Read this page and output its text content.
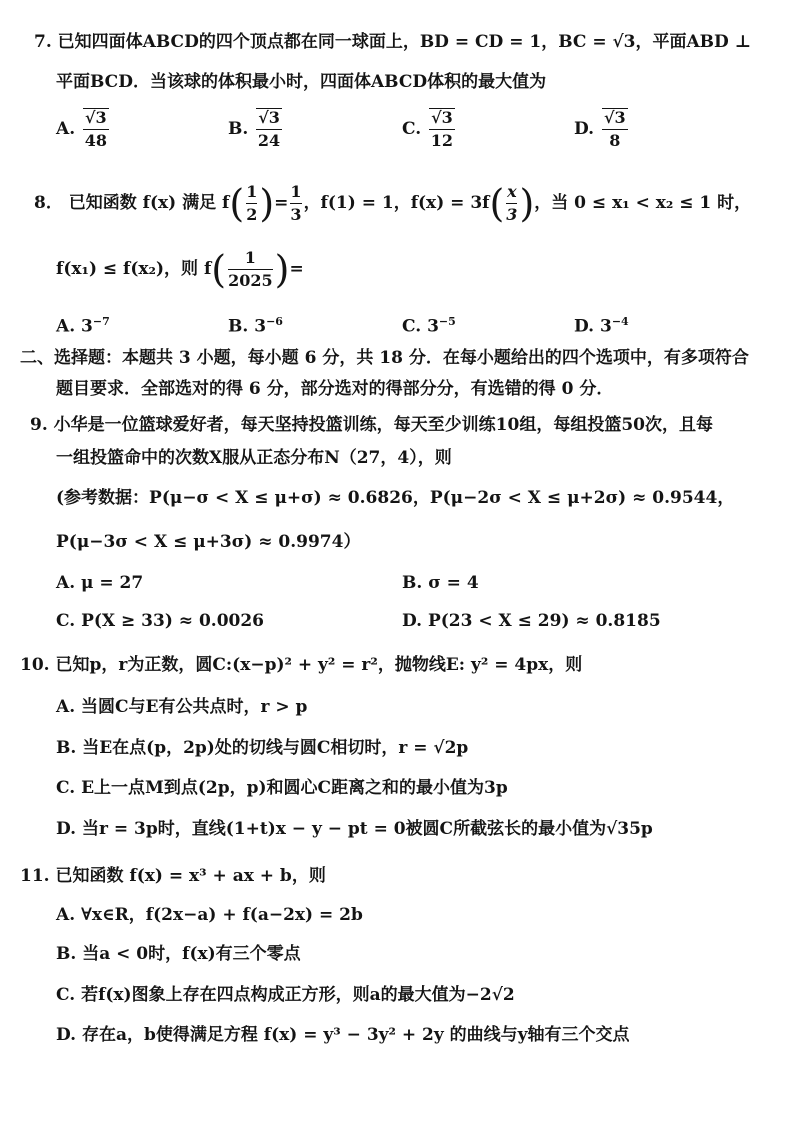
7. 已知四面体ABCD的四个顶点都在同一球面上，BD = CD = 1，BC = √3，平面ABD ⊥
平面BCD．当该球的体积最小时，四面体ABCD体积的最大值为
A. $\frac{√3}{48}$	B. $\frac{√3}{24}$	C. $\frac{√3}{12}$	D. $\frac{√3}{8}$
8． 已知函数 f(x) 满足 $f( \frac{1}{2}$ )= $\frac{1}{3}$ ，f(1) = 1，$f(x) = 3f( \frac{x}{3}$ )，当 0 ≤ x₁ < x₂ ≤ 1 时，
f(x₁) ≤ f(x₂)，则 $f( \frac{1}{2025}$ )=
A. $3^{-7}$	B. $3^{-6}$	C. $3^{-5}$	D. $3^{-4}$
二、选择题：本题共 3 小题，每小题 6 分，共 18 分．在每小题给出的四个选项中，有多项符合
题目要求．全部选对的得 6 分，部分选对的得部分分，有选错的得 0 分．
9. 小华是一位篮球爱好者，每天坚持投篮训练，每天至少训练10组，每组投篮50次，且每
一组投篮命中的次数X服从正态分布N（27，4），则
(参考数据：P(μ−σ < X ≤ μ+σ) ≈ 0.6826，P(μ−2σ < X ≤ μ+2σ) ≈ 0.9544，
P(μ−3σ < X ≤ μ+3σ) ≈ 0.9974）
A. μ = 27	B. σ = 4
C. P(X ≥ 33) ≈ 0.0026	D. P(23 < X ≤ 29) ≈ 0.8185
10. 已知p，r为正数，圆C:(x−p)² + y² = r²，抛物线E: y² = 4px，则
A. 当圆C与E有公共点时，r > p
B. 当E在点(p，2p)处的切线与圆C相切时，r = √2p
C. E上一点M到点(2p，p)和圆心C距离之和的最小值为3p
D. 当r = 3p时，直线(1+t)x − y − pt = 0被圆C所截弦长的最小值为√35p
11. 已知函数 f(x) = x³ + ax + b，则
A. ∀x∈R，f(2x−a) + f(a−2x) = 2b
B. 当a < 0时，f(x)有三个零点
C. 若f(x)图象上存在四点构成正方形，则a的最大值为−2√2
D. 存在a，b使得满足方程 f(x) = y³ − 3y² + 2y 的曲线与y轴有三个交点
